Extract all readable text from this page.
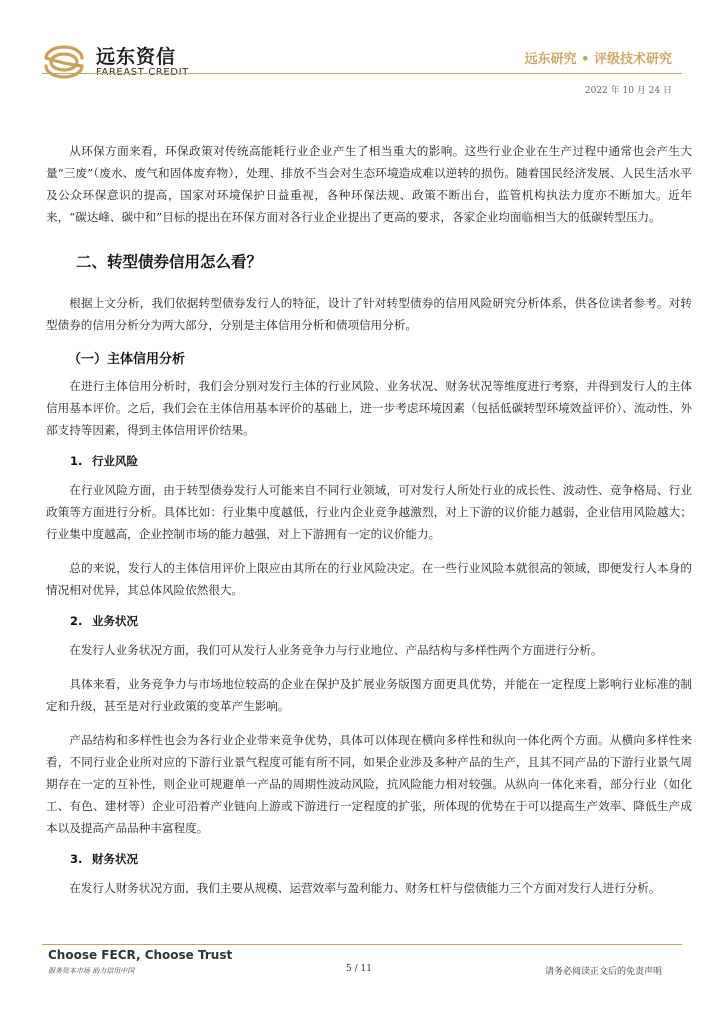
远东资信	远东研究 • 评级技术研究
2022 年 10 月 24 日

从环保方面来看，环保政策对传统高能耗行业企业产生了相当重大的影响。这些行业企业在生产过程中通常也会产生大量“三废”（废水、废气和固体废弃物），处理、排放不当会对生态环境造成难以逆转的损伤。随着国民经济发展、人民生活水平及公众环保意识的提高，国家对环境保护日益重视，各种环保法规、政策不断出台，监管机构执法力度亦不断加大。近年来，“碳达峰、碳中和”目标的提出在环保方面对各行业企业提出了更高的要求，各家企业均面临相当大的低碳转型压力。

二、转型债券信用怎么看？

根据上文分析，我们依据转型债券发行人的特征，设计了针对转型债券的信用风险研究分析体系，供各位读者参考。对转型债券的信用分析分为两大部分，分别是主体信用分析和债项信用分析。

（一）主体信用分析

在进行主体信用分析时，我们会分别对发行主体的行业风险、业务状况、财务状况等维度进行考察，并得到发行人的主体信用基本评价。之后，我们会在主体信用基本评价的基础上，进一步考虑环境因素（包括低碳转型环境效益评价）、流动性、外部支持等因素，得到主体信用评价结果。

1. 行业风险

在行业风险方面，由于转型债券发行人可能来自不同行业领域，可对发行人所处行业的成长性、波动性、竞争格局、行业政策等方面进行分析。具体比如：行业集中度越低，行业内企业竞争越激烈，对上下游的议价能力越弱，企业信用风险越大；行业集中度越高，企业控制市场的能力越强，对上下游拥有一定的议价能力。

总的来说，发行人的主体信用评价上限应由其所在的行业风险决定。在一些行业风险本就很高的领域，即便发行人本身的情况相对优异，其总体风险依然很大。

2. 业务状况

在发行人业务状况方面，我们可从发行人业务竞争力与行业地位、产品结构与多样性两个方面进行分析。

具体来看，业务竞争力与市场地位较高的企业在保护及扩展业务版图方面更具优势，并能在一定程度上影响行业标准的制定和升级，甚至是对行业政策的变革产生影响。

产品结构和多样性也会为各行业企业带来竞争优势，具体可以体现在横向多样性和纵向一体化两个方面。从横向多样性来看，不同行业企业所对应的下游行业景气程度可能有所不同，如果企业涉及多种产品的生产，且其不同产品的下游行业景气周期存在一定的互补性，则企业可规避单一产品的周期性波动风险，抗风险能力相对较强。从纵向一体化来看，部分行业（如化工、有色、建材等）企业可沿着产业链向上游或下游进行一定程度的扩张，所体现的优势在于可以提高生产效率、降低生产成本以及提高产品品种丰富程度。

3. 财务状况

在发行人财务状况方面，我们主要从规模、运营效率与盈利能力、财务杠杆与偿债能力三个方面对发行人进行分析。

Choose FECR, Choose Trust
服务资本市场 助力信用中国	5 / 11	请务必阅读正文后的免责声明
